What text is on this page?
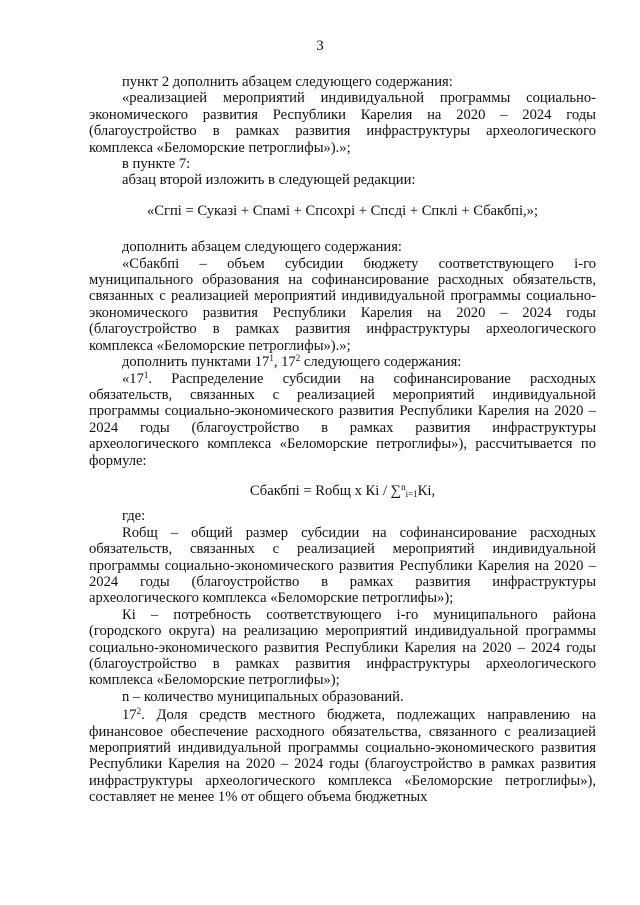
3

пункт 2 дополнить абзацем следующего содержания:

«реализацией мероприятий индивидуальной программы социально-экономического развития Республики Карелия на 2020 – 2024 годы (благоустройство в рамках развития инфраструктуры археологического комплекса «Беломорские петроглифы»).»;

в пункте 7:

абзац второй изложить в следующей редакции:

«Сгпі = Суказі + Спамі + Спсохрі + Спсді + Спклі + Сбакбпі,»;

дополнить абзацем следующего содержания:

«Сбакбпі – объем субсидии бюджету соответствующего і-го муниципального образования на софинансирование расходных обязательств, связанных с реализацией мероприятий индивидуальной программы социально-экономического развития Республики Карелия на 2020 – 2024 годы (благоустройство в рамках развития инфраструктуры археологического комплекса «Беломорские петроглифы»).»;

дополнить пунктами $17^1$, $17^2$ следующего содержания:

«$17^1$. Распределение субсидии на софинансирование расходных обязательств, связанных с реализацией мероприятий индивидуальной программы социально-экономического развития Республики Карелия на 2020 – 2024 годы (благоустройство в рамках развития инфраструктуры археологического комплекса «Беломорские петроглифы»), рассчитывается по формуле:

Сбакбпі = Rобщ х Кі / ∑$^n_{i=1}$Кі,

где:

Rобщ – общий размер субсидии на софинансирование расходных обязательств, связанных с реализацией мероприятий индивидуальной программы социально-экономического развития Республики Карелия на 2020 – 2024 годы (благоустройство в рамках развития инфраструктуры археологического комплекса «Беломорские петроглифы»);

Кі – потребность соответствующего і-го муниципального района (городского округа) на реализацию мероприятий индивидуальной программы социально-экономического развития Республики Карелия на 2020 – 2024 годы (благоустройство в рамках развития инфраструктуры археологического комплекса «Беломорские петроглифы»);

n – количество муниципальных образований.

$17^2$. Доля средств местного бюджета, подлежащих направлению на финансовое обеспечение расходного обязательства, связанного с реализацией мероприятий индивидуальной программы социально-экономического развития Республики Карелия на 2020 – 2024 годы (благоустройство в рамках развития инфраструктуры археологического комплекса «Беломорские петроглифы»), составляет не менее 1% от общего объема бюджетных
